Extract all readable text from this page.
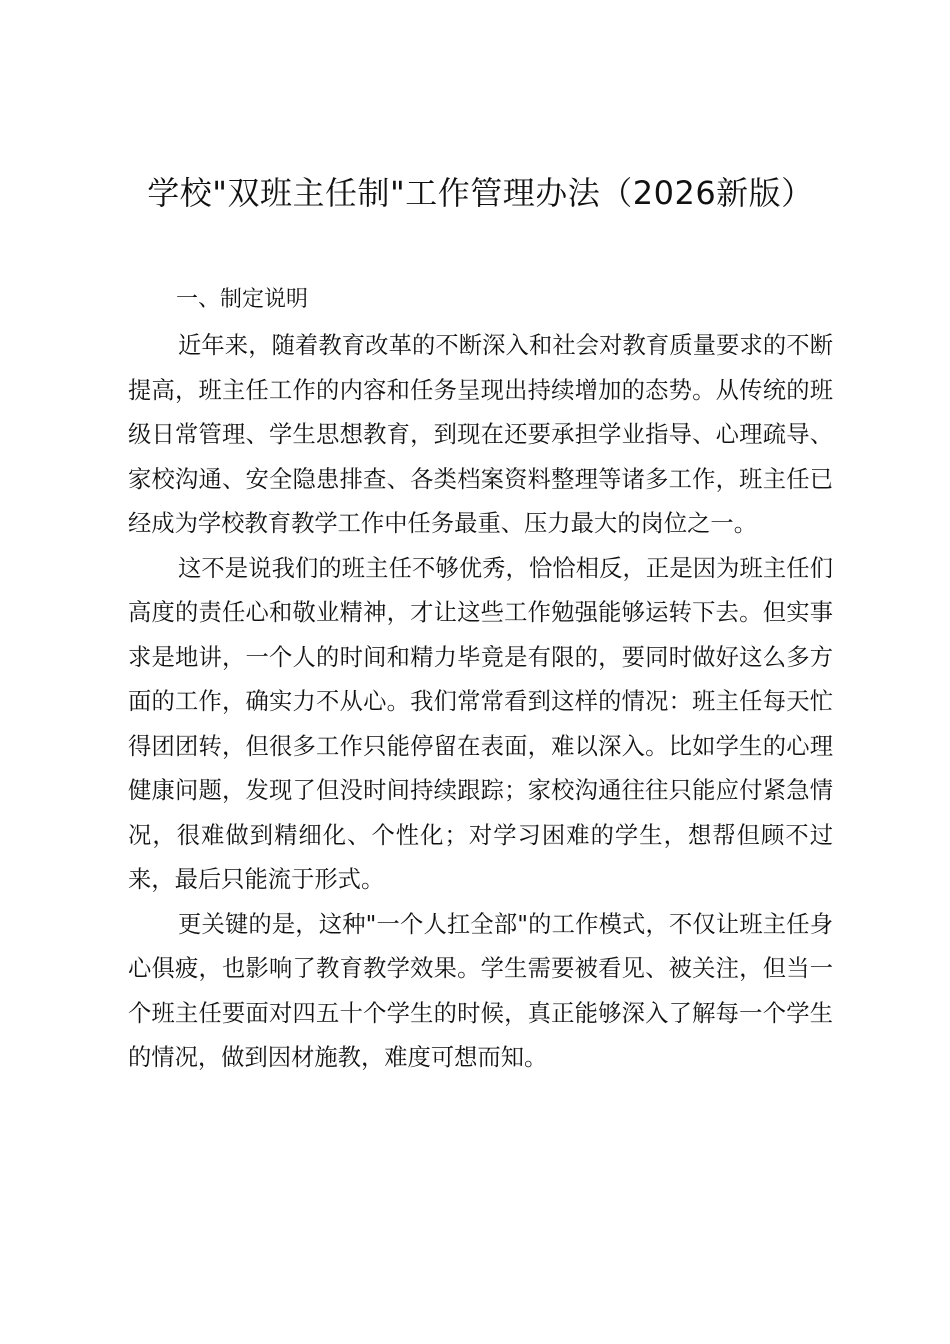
学校"双班主任制"工作管理办法（2026新版）

一、制定说明

近年来，随着教育改革的不断深入和社会对教育质量要求的不断提高，班主任工作的内容和任务呈现出持续增加的态势。从传统的班级日常管理、学生思想教育，到现在还要承担学业指导、心理疏导、家校沟通、安全隐患排查、各类档案资料整理等诸多工作，班主任已经成为学校教育教学工作中任务最重、压力最大的岗位之一。

这不是说我们的班主任不够优秀，恰恰相反，正是因为班主任们高度的责任心和敬业精神，才让这些工作勉强能够运转下去。但实事求是地讲，一个人的时间和精力毕竟是有限的，要同时做好这么多方面的工作，确实力不从心。我们常常看到这样的情况：班主任每天忙得团团转，但很多工作只能停留在表面，难以深入。比如学生的心理健康问题，发现了但没时间持续跟踪；家校沟通往往只能应付紧急情况，很难做到精细化、个性化；对学习困难的学生，想帮但顾不过来，最后只能流于形式。

更关键的是，这种"一个人扛全部"的工作模式，不仅让班主任身心俱疲，也影响了教育教学效果。学生需要被看见、被关注，但当一个班主任要面对四五十个学生的时候，真正能够深入了解每一个学生的情况，做到因材施教，难度可想而知。
